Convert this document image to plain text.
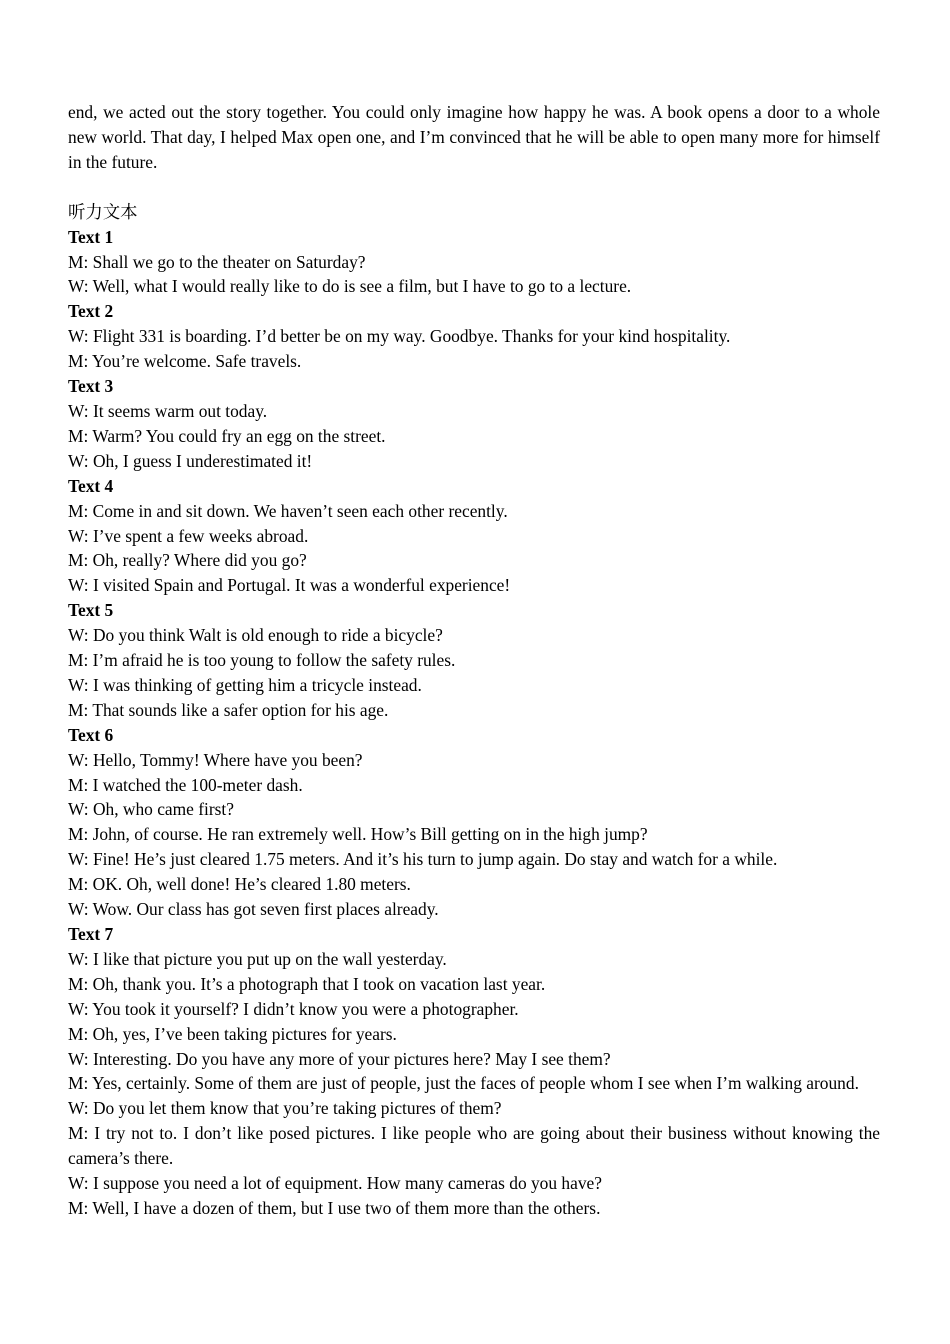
end, we acted out the story together. You could only imagine how happy he was. A book opens a door to a whole new world. That day, I helped Max open one, and I’m convinced that he will be able to open many more for himself in the future.

听力文本

Text 1

M: Shall we go to the theater on Saturday?

W: Well, what I would really like to do is see a film, but I have to go to a lecture.

Text 2

W: Flight 331 is boarding. I’d better be on my way. Goodbye. Thanks for your kind hospitality.

M: You’re welcome. Safe travels.

Text 3

W: It seems warm out today.

M: Warm? You could fry an egg on the street.

W: Oh, I guess I underestimated it!

Text 4

M: Come in and sit down. We haven’t seen each other recently.

W: I’ve spent a few weeks abroad.

M: Oh, really? Where did you go?

W: I visited Spain and Portugal. It was a wonderful experience!

Text 5

W: Do you think Walt is old enough to ride a bicycle?

M: I’m afraid he is too young to follow the safety rules.

W: I was thinking of getting him a tricycle instead.

M: That sounds like a safer option for his age.

Text 6

W: Hello, Tommy! Where have you been?

M: I watched the 100-meter dash.

W: Oh, who came first?

M: John, of course. He ran extremely well. How’s Bill getting on in the high jump?

W: Fine! He’s just cleared 1.75 meters. And it’s his turn to jump again. Do stay and watch for a while.

M: OK. Oh, well done! He’s cleared 1.80 meters.

W: Wow. Our class has got seven first places already.

Text 7

W: I like that picture you put up on the wall yesterday.

M: Oh, thank you. It’s a photograph that I took on vacation last year.

W: You took it yourself? I didn’t know you were a photographer.

M: Oh, yes, I’ve been taking pictures for years.

W: Interesting. Do you have any more of your pictures here? May I see them?

M: Yes, certainly. Some of them are just of people, just the faces of people whom I see when I’m walking around.

W: Do you let them know that you’re taking pictures of them?

M: I try not to. I don’t like posed pictures. I like people who are going about their business without knowing the camera’s there.

W: I suppose you need a lot of equipment. How many cameras do you have?

M: Well, I have a dozen of them, but I use two of them more than the others.
